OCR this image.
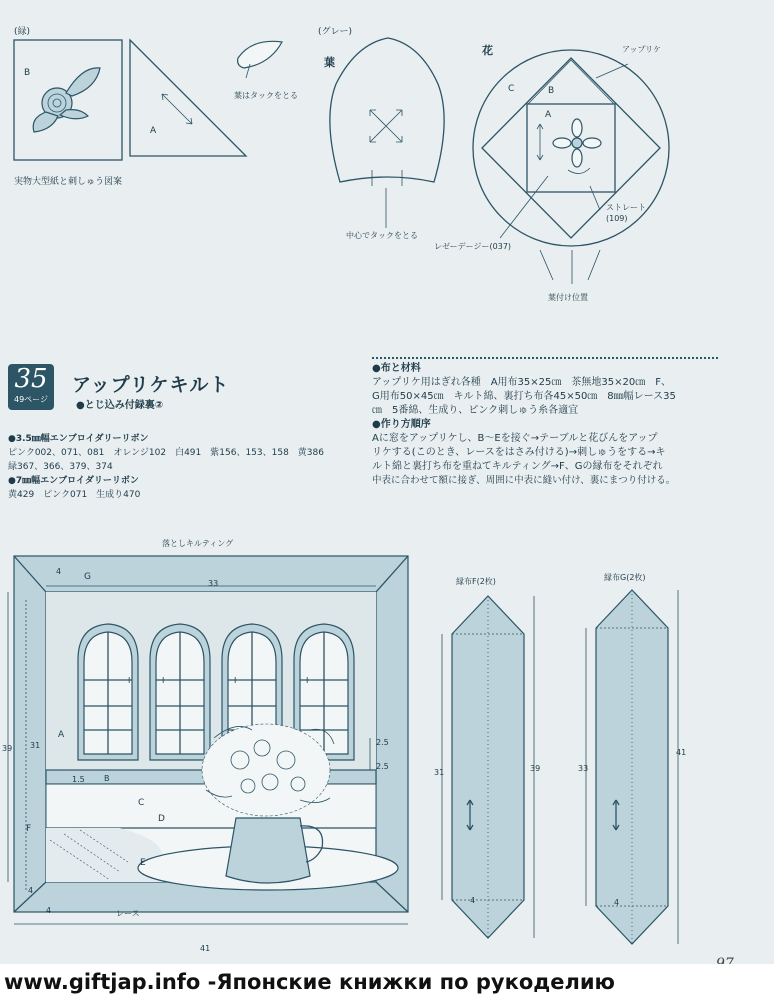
(緑)
B
A
実物大型紙と刺しゅう図案
葉はタックをとる
(グレー)
葉
中心でタックをとる
花	アップリケ
C	B
A
ストレート
(109)
レゼーデージー(037)
葉付け位置
35
49ページ
アップリケキルト
●とじ込み付録裏②
●3.5㎜幅エンブロイダリーリボン
ピンク002、071、081　オレンジ102　白491　紫156、153、158　黄386
緑367、366、379、374
●7㎜幅エンブロイダリーリボン
黄429　ピンク071　生成り470
●布と材料
アップリケ用はぎれ各種　A用布35×25㎝　茶無地35×20㎝　F、
G用布50×45㎝　キルト綿、裏打ち布各45×50㎝　8㎜幅レース35
㎝　5番綿、生成り、ピンク刺しゅう糸各適宜
●作り方順序
Aに窓をアップリケし、B〜Eを接ぐ→テーブルと花びんをアップ
リケする(このとき、レースをはさみ付ける)→刺しゅうをする→キ
ルト綿と裏打ち布を重ねてキルティング→F、Gの縁布をそれぞれ
中表に合わせて額に接ぎ、周囲に中表に縫い付け、裏にまつり付ける。
落としキルティング
G
33
4
39 31
A
I	I	I	I
B
C
D
E
F
1.5
2.5
2.5
レース
41
4
4
縁布F(2枚)
31	39
4
縁布G(2枚)
33
41
4
www.giftjap.info -Японские книжки по рукоделию
